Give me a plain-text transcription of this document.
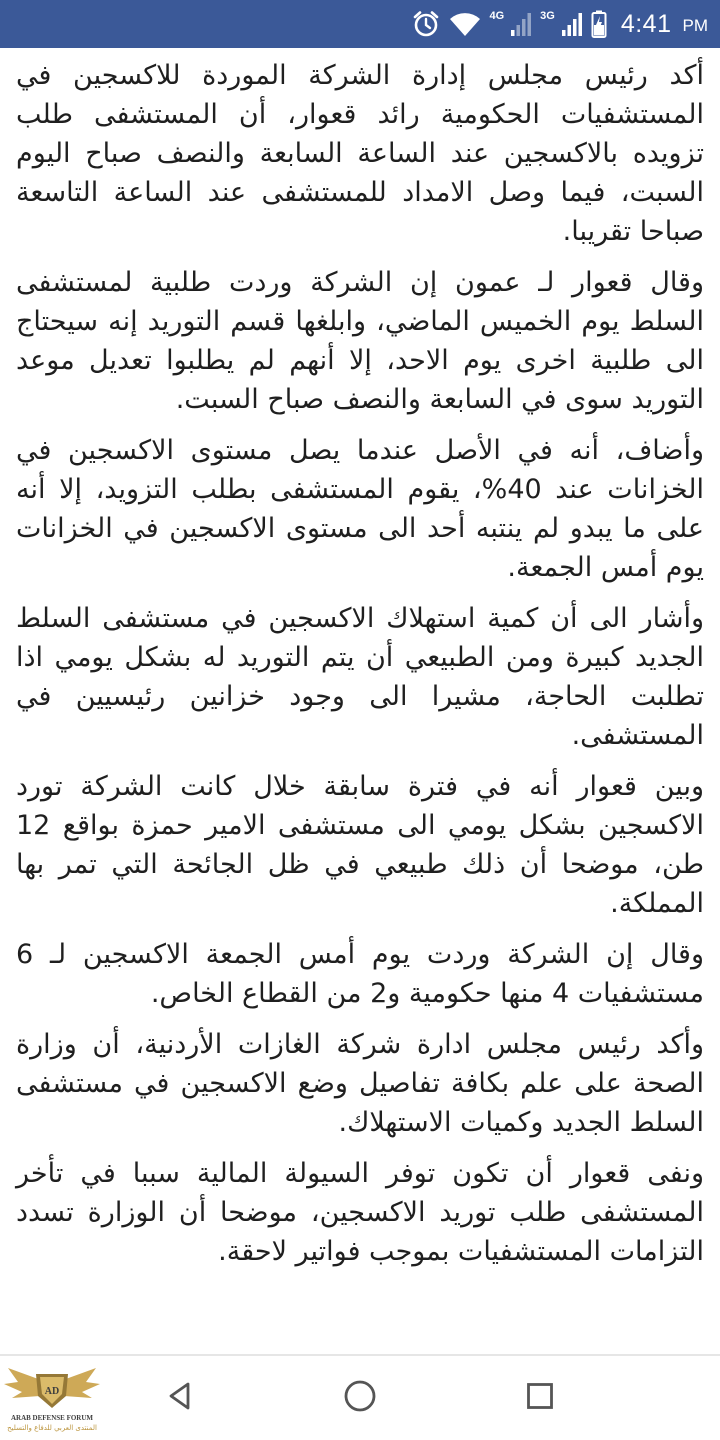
4G	3G	4:41 PM

أكد رئيس مجلس إدارة الشركة الموردة للاكسجين في المستشفيات الحكومية رائد قعوار، أن المستشفى طلب تزويده بالاكسجين عند الساعة السابعة والنصف صباح اليوم السبت، فيما وصل الامداد للمستشفى عند الساعة التاسعة صباحا تقريبا.

وقال قعوار لـ عمون إن الشركة وردت طلبية لمستشفى السلط يوم الخميس الماضي، وابلغها قسم التوريد إنه سيحتاج الى طلبية اخرى يوم الاحد، إلا أنهم لم يطلبوا تعديل موعد التوريد سوى في السابعة والنصف صباح السبت.

وأضاف، أنه في الأصل عندما يصل مستوى الاكسجين في الخزانات عند 40%، يقوم المستشفى بطلب التزويد، إلا أنه على ما يبدو لم ينتبه أحد الى مستوى الاكسجين في الخزانات يوم أمس الجمعة.

وأشار الى أن كمية استهلاك الاكسجين في مستشفى السلط الجديد كبيرة ومن الطبيعي أن يتم التوريد له بشكل يومي اذا تطلبت الحاجة، مشيرا الى وجود خزانين رئيسيين في المستشفى.

وبين قعوار أنه في فترة سابقة خلال كانت الشركة تورد الاكسجين بشكل يومي الى مستشفى الامير حمزة بواقع 12 طن، موضحا أن ذلك طبيعي في ظل الجائحة التي تمر بها المملكة.

وقال إن الشركة وردت يوم أمس الجمعة الاكسجين لـ 6 مستشفيات 4 منها حكومية و2 من القطاع الخاص.

وأكد رئيس مجلس ادارة شركة الغازات الأردنية، أن وزارة الصحة على علم بكافة تفاصيل وضع الاكسجين في مستشفى السلط الجديد وكميات الاستهلاك.

ونفى قعوار أن تكون توفر السيولة المالية سببا في تأخر المستشفى طلب توريد الاكسجين، موضحا أن الوزارة تسدد التزامات المستشفيات بموجب فواتير لاحقة.

AD
ARAB DEFENSE FORUM
المنتدى العربي للدفاع والتسليح
